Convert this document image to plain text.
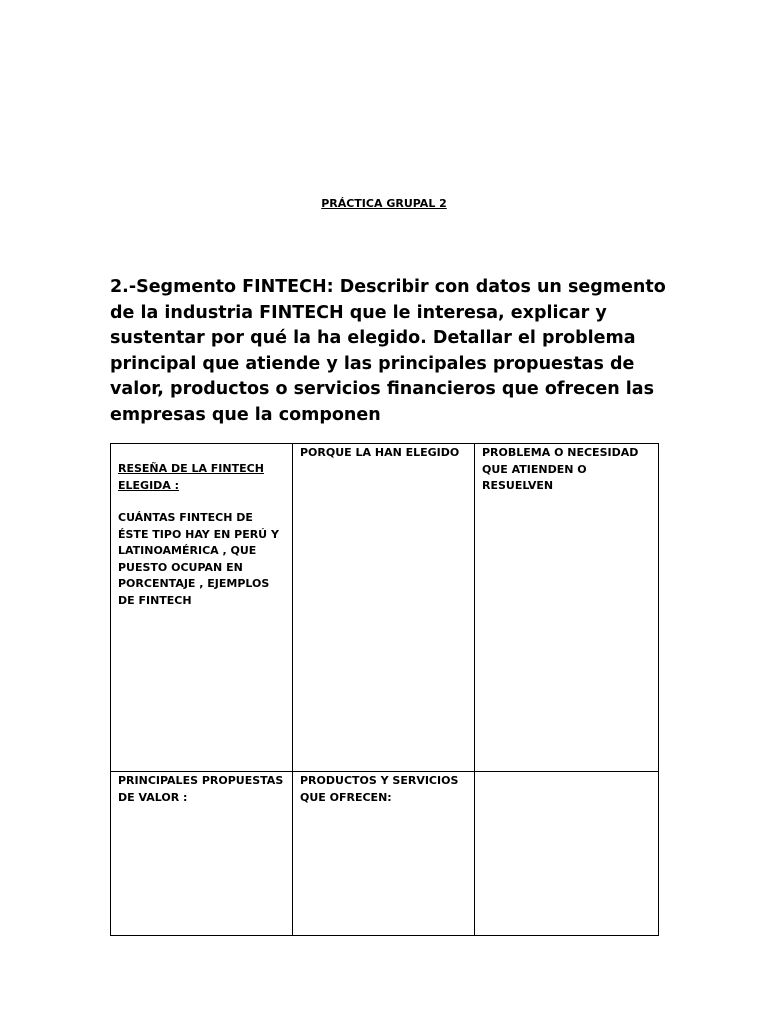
PRÁCTICA GRUPAL 2

2.-Segmento FINTECH: Describir con datos un segmento de la industria FINTECH que le interesa, explicar y sustentar por qué la ha elegido. Detallar el problema principal que atiende y las principales propuestas de valor, productos o servicios financieros que ofrecen las empresas que la componen

RESEÑA DE LA FINTECH ELEGIDA :
CUÁNTAS FINTECH DE ÉSTE TIPO HAY EN PERÚ Y LATINOAMÉRICA , QUE PUESTO OCUPAN EN PORCENTAJE , EJEMPLOS DE FINTECH	PORQUE LA HAN ELEGIDO	PROBLEMA O NECESIDAD QUE ATIENDEN O RESUELVEN

PRINCIPALES PROPUESTAS DE VALOR :	PRODUCTOS Y SERVICIOS QUE OFRECEN:	
